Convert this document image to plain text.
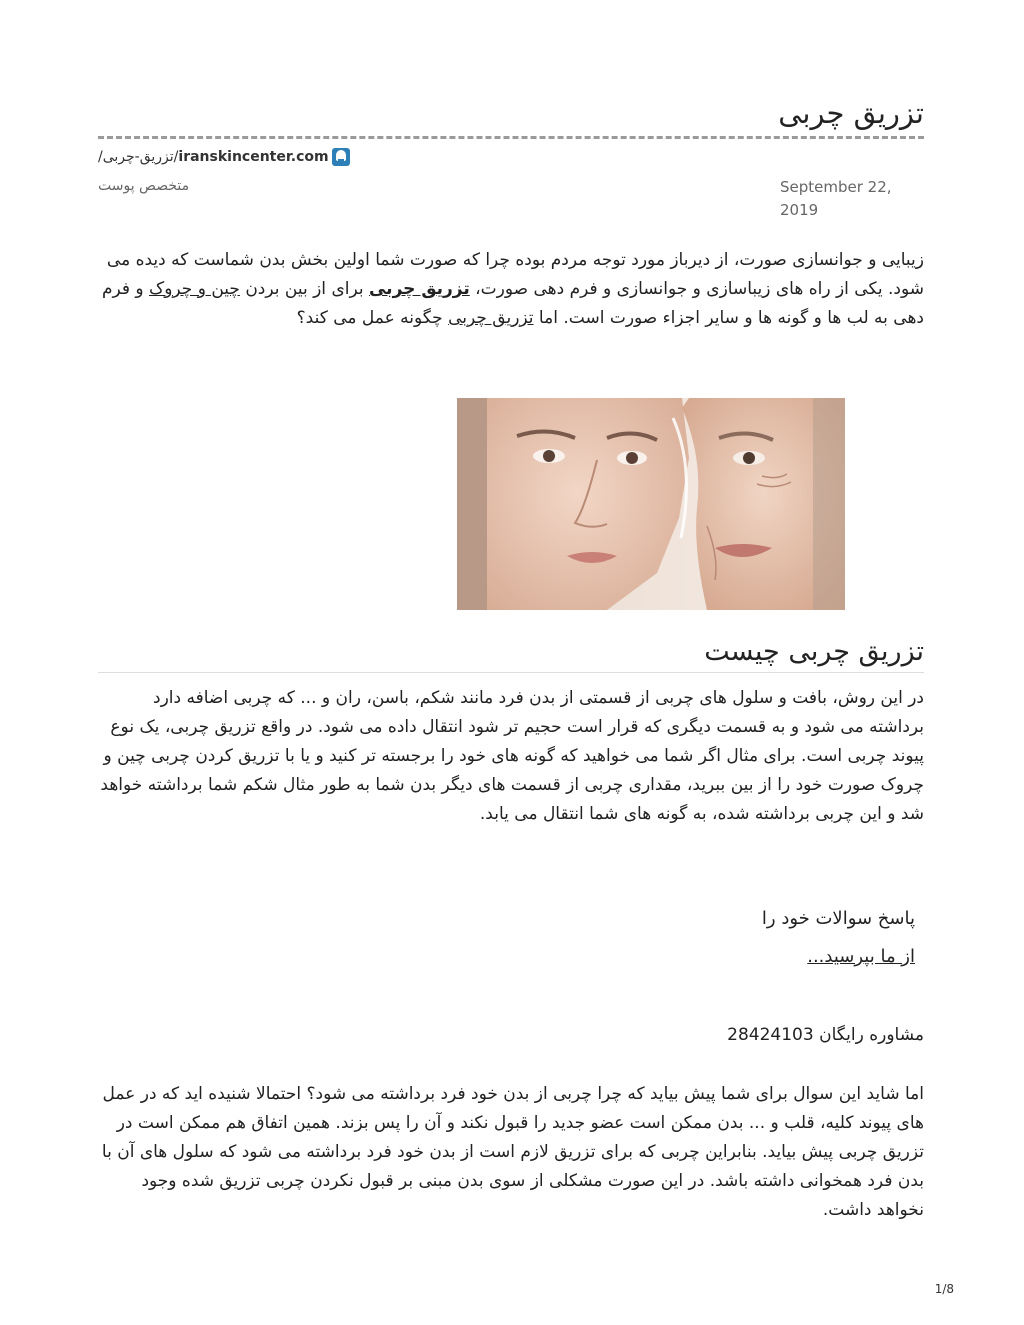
تزریق چربی
/تزریق-چربی/ iranskincenter.com
September 22, 2019
متخصص پوست

زیبایی و جوانسازی صورت، از دیرباز مورد توجه مردم بوده چرا که صورت شما اولین بخش بدن شماست که دیده می شود. یکی از راه های زیباسازی و جوانسازی و فرم دهی صورت، تزریق چربی برای از بین بردن چین و چروک و فرم دهی به لب ها و گونه ها و سایر اجزاء صورت است. اما تزریق چربی چگونه عمل می کند؟

تزریق چربی چیست

در این روش، بافت و سلول های چربی از قسمتی از بدن فرد مانند شکم، باسن، ران و ... که چربی اضافه دارد برداشته می شود و به قسمت دیگری که قرار است حجیم تر شود انتقال داده می شود. در واقع تزریق چربی، یک نوع پیوند چربی است. برای مثال اگر شما می خواهید که گونه های خود را برجسته تر کنید و یا با تزریق کردن چربی چین و چروک صورت خود را از بین ببرید، مقداری چربی از قسمت های دیگر بدن شما به طور مثال شکم شما برداشته خواهد شد و این چربی برداشته شده، به گونه های شما انتقال می یابد.

پاسخ سوالات خود را
از ما بپرسید...
مشاوره رایگان 28424103

اما شاید این سوال برای شما پیش بیاید که چرا چربی از بدن خود فرد برداشته می شود؟ احتمالا شنیده اید که در عمل های پیوند کلیه، قلب و ... بدن ممکن است عضو جدید را قبول نکند و آن را پس بزند. همین اتفاق هم ممکن است در تزریق چربی پیش بیاید. بنابراین چربی که برای تزریق لازم است از بدن خود فرد برداشته می شود که سلول های آن با بدن فرد همخوانی داشته باشد. در این صورت مشکلی از سوی بدن مبنی بر قبول نکردن چربی تزریق شده وجود نخواهد داشت.

1/8
